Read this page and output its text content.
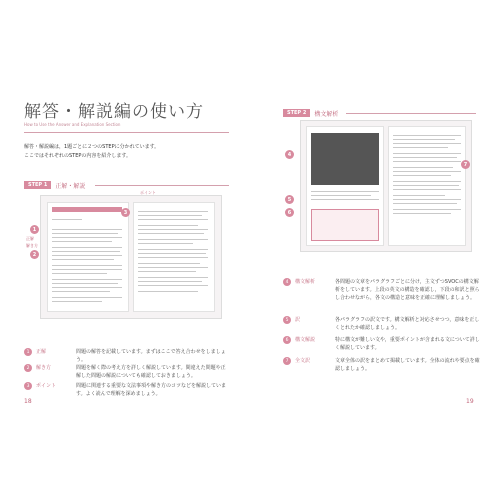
解答・解説編の使い方
How to Use the Answer and Explanation Section
解答・解説編は，1題ごとに２つのSTEPに分かれています。
ここではそれぞれのSTEPの内容を紹介します。
STEP 1	正解・解説
1
正解
2
解き方
3
ポイント
1	正解	問題の解答を記載しています。まずはここで答え合わせをしましょう。
2	解き方	問題を解く際の考え方を詳しく解説しています。間違えた問題や正解した問題の解説についても確認しておきましょう。
3	ポイント	問題に関連する重要な文法事項や解き方のコツなどを解説しています。よく読んで理解を深めましょう。
18
STEP 2	構文解析
4
5
6
7
4	構文解析	各問題の文章をパラグラフごとに分け，主文ずつSVOCの構文解析をしています。上段の英文の構造を確認し，下段の和訳と照らし合わせながら，各文の構造と意味を正確に理解しましょう。
5	訳	各パラグラフの訳文です。構文解析と対応させつつ，意味を正しくとれたか確認しましょう。
6	構文解説	特に構文が難しい文や，重要ポイントが含まれる文について詳しく解説しています。
7	全文訳	文章全体の訳をまとめて掲載しています。全体の流れや要点を確認しましょう。
19
